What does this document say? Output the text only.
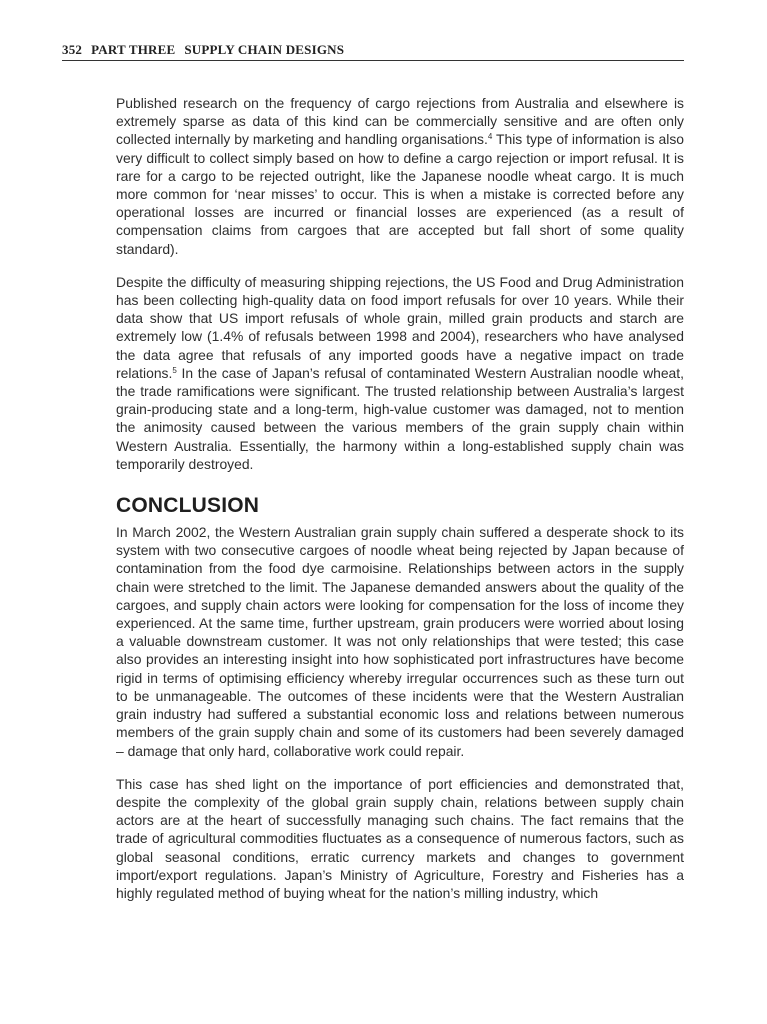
352 PART THREE SUPPLY CHAIN DESIGNS

Published research on the frequency of cargo rejections from Australia and elsewhere is extremely sparse as data of this kind can be commercially sensitive and are often only collected internally by marketing and handling organisations.$^4$ This type of information is also very difficult to collect simply based on how to define a cargo rejection or import refusal. It is rare for a cargo to be rejected outright, like the Japanese noodle wheat cargo. It is much more common for ‘near misses’ to occur. This is when a mistake is corrected before any operational losses are incurred or financial losses are experienced (as a result of compensation claims from cargoes that are accepted but fall short of some quality standard).

Despite the difficulty of measuring shipping rejections, the US Food and Drug Administration has been collecting high-quality data on food import refusals for over 10 years. While their data show that US import refusals of whole grain, milled grain products and starch are extremely low (1.4% of refusals between 1998 and 2004), researchers who have analysed the data agree that refusals of any imported goods have a negative impact on trade relations.$^5$ In the case of Japan’s refusal of contaminated Western Australian noodle wheat, the trade ramifications were significant. The trusted relationship between Australia’s largest grain-producing state and a long-term, high-value customer was damaged, not to mention the animosity caused between the various members of the grain supply chain within Western Australia. Essentially, the harmony within a long-established supply chain was temporarily destroyed.

CONCLUSION

In March 2002, the Western Australian grain supply chain suffered a desperate shock to its system with two consecutive cargoes of noodle wheat being rejected by Japan because of contamination from the food dye carmoisine. Relationships between actors in the supply chain were stretched to the limit. The Japanese demanded answers about the quality of the cargoes, and supply chain actors were looking for compensation for the loss of income they experienced. At the same time, further upstream, grain producers were worried about losing a valuable downstream customer. It was not only relationships that were tested; this case also provides an interesting insight into how sophisticated port infrastructures have become rigid in terms of optimising efficiency whereby irregular occurrences such as these turn out to be unmanageable. The outcomes of these incidents were that the Western Australian grain industry had suffered a substantial economic loss and relations between numerous members of the grain supply chain and some of its customers had been severely damaged – damage that only hard, collaborative work could repair.

This case has shed light on the importance of port efficiencies and demonstrated that, despite the complexity of the global grain supply chain, relations between supply chain actors are at the heart of successfully managing such chains. The fact remains that the trade of agricultural commodities fluctuates as a consequence of numerous factors, such as global seasonal conditions, erratic currency markets and changes to government import/export regulations. Japan’s Ministry of Agriculture, Forestry and Fisheries has a highly regulated method of buying wheat for the nation’s milling industry, which
